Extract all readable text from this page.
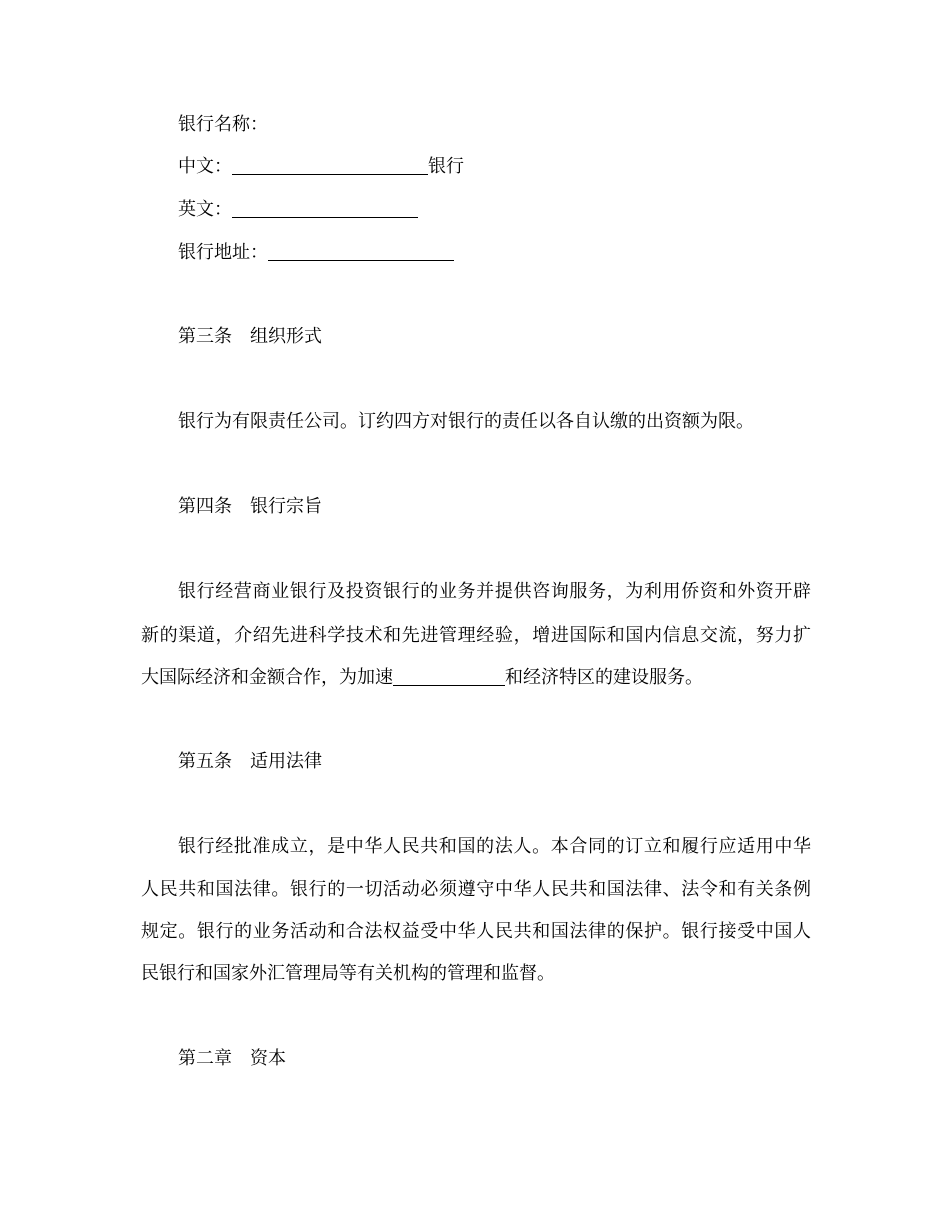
银行名称：
中文：	银行
英文：
银行地址：
第三条 组织形式
银行为有限责任公司。订约四方对银行的责任以各自认缴的出资额为限。
第四条 银行宗旨
银行经营商业银行及投资银行的业务并提供咨询服务，为利用侨资和外资开辟
新的渠道，介绍先进科学技术和先进管理经验，增进国际和国内信息交流，努力扩
大国际经济和金额合作，为加速	和经济特区的建设服务。
第五条 适用法律
银行经批准成立，是中华人民共和国的法人。本合同的订立和履行应适用中华
人民共和国法律。银行的一切活动必须遵守中华人民共和国法律、法令和有关条例
规定。银行的业务活动和合法权益受中华人民共和国法律的保护。银行接受中国人
民银行和国家外汇管理局等有关机构的管理和监督。
第二章 资本
